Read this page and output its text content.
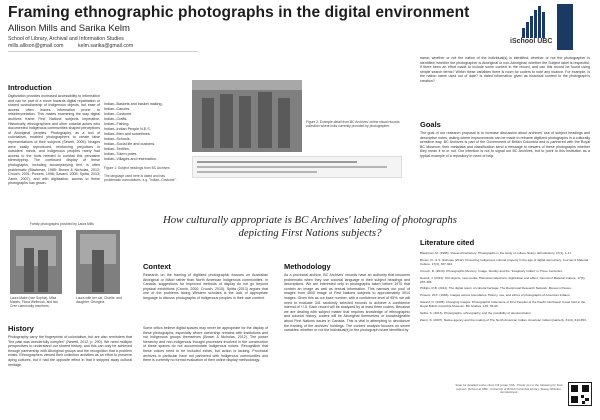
Framing ethnographic photographs in the digital environment
Allison Mills and Sarika Kelm
School of Library, Archival and Information Studies
mills.allison@gmail.com	kelm.sarika@gmail.com
iSchool UBC
Introduction
Digitization provides increased accessibility to information and can be part of a move towards digital repatriation or shared custodianship of Indigenous objects, but ease of access often leaves information prone to misinterpretation. This makes examining the way digital archives frame First Nations subjects imperative. Historically, ethnographers and other colonial actors who documented Indigenous communities shaped perceptions of Aboriginal peoples. Photography, as a tool of colonialism, enabled photographers to create false representations of their subjects (Sewell, 2005). Images were easily reproduced, reinforcing prejudices in outsiders' minds, and Indigenous peoples rarely had access to the tools needed to combat this pervasive stereotyping. The continued display of these photographs, including accompanying text, is often problematic (Blackman, 1985; Brown & Nicholas, 2012; Crouch, 2001; Powers, 1996; Savard, 2005; Spitta, 2013; Zamir, 2007), and with digitization, access to these photographs has grown.
Indian--Baskets and basket making.
Indian--Canoes.
Indian--Costume.
Indian--Crafts.
Indian--Fishing.
Indian--Indian People N.E.S.
Indian--Men and sometimes.
Indian--Schools.
Indian--Social life and customs.
Indian--Textiles.
Indian--Totem poles.
Indian--Villages and reservation.
Figure 1: Subject headings from BC Archives
The language used here is dated and has problematic connotations, e.g. "Indian--Costume".
Figure 2: Example detail from BC Archives' online visual records collection where links currently provided by photographer.
Family photographs provided by Laura Mills
Laura Mabe (nee Sophia), Misa Mabris, Fiona Welbrook, and two Cree community members.
Laura with her cat, Charlie, and daughter, Georgina.
History
Photography carry the fingerprints of colonialism, but are also reminders that "the past was wonderfully complex" (Newell, 2012, p. 290). We need multiple perspectives to understand our shared history, and this can only be achieved through partnership with Aboriginal groups and the recognition that a problem exists. Ethnographers viewed their collection activities as an effort to preserve dying cultures, but it had the opposite effect in that it stripped away cultural heritage.
How culturally appropriate is BC Archives' labeling of photographs depicting First Nations subjects?
Context
Research on the framing of digitized photographic focuses on Australian Aboriginal or Māori rather than North American Indigenous communities. In Canada, suggestions for improved methods of display do not go beyond physical exhibitions (Cronin, 2000; Crouch, 2010). Spitta (2013) argues that one of the problems facing Western scholars is the lack of appropriate language to discuss photographs of Indigenous peoples in their own context.
Some critics believe digital spaces may never be appropriate for the display of these photographs, especially where ownership remains with institutions and not Indigenous groups themselves (Brown & Nicholas, 2012). The power hierarchy and non-Indigenous thought processes involved in the construction of these spaces do not accommodate Indigenous voices. Recognition that these voices need to be included exists, but action is lacking. Provincial archives in particular have not partnered with Indigenous communities and there is currently no formal evaluation of their online display methodology.
Methodology
As a provincial archive, BC Archives' records have an authority that becomes problematic when they use colonial language in their subject headings and descriptions. We are interested only in photographs taken before 1970 that contain an image as well as textual information. This narrows our pool of images from 4500 image of First Nations subjects to approximately 3014 images. Given this as our base number, with a confidence level of 95%, we will need to evaluate 341 randomly selected records to achieve a confidence interval of +/-5. Each record will be analyzed by at least three coders. Because we are dealing with subject matter that requires knowledge of ethnographic and colonial history, coders will be Aboriginal themselves or knowledgeable about First Nations issues in Canada. This is vital in attempting to decolonize the framing of the archives' holdings. The content analysis focuses on seven variables: whether or not the individual(s) in the photograph is/are identified by
name; whether or not the nation of the individual(s) is identified; whether or not the photographer is identified; whether the photographer is Aboriginal or non-Aboriginal; whether the Subject label is respectful; if there been an effort made to include some context in the record; and can this record be found using simple search terms? Within these variables there is room for coders to note any nuance. For example, is the nation name used out of date? Is dated information given as historical context to the photograph's creation?
Goals
The goal of our research proposal is to increase discussion about archives' use of subject headings and descriptive notes, asking where improvements can be made to reframe digitized photographs in a culturally sensitive way. BC Archives is part of the Government of British Columbia and is partnered with the Royal BC Museum; their metadata and classification send a message to viewers of these photographs whether they mean it to or not. Our intention is not to signal out BC Archives, but to point to this institution as a typical example of a repository in need of help.
Literature cited
Blackman, M. (1985). Visual ethnohistory: Photographs in the study of culture history. Ethnohistory, 27(1), 1-17.
Brown, D., & S. Nicholas (2012). Protecting Indigenous cultural property in the age of digital democracy. Journal of Material Culture, 17(3), 307-324.
Crouch, D. (2010). Photographic Memory: Image, Identity and the "Imaginary Indian" in Three Centuries.
Newell, J. (2012). Old objects, new media: Historical collections, digitization and affect. Journal of Material Culture, 17(3), 287-306.
Phillips, R.B. (2011). The digital return of cultural heritage: The Reciprocal Research Network. Museum Pieces.
Powers, W.K. (1996). Images across boundaries: History, use, and ethics of photographs of American Indians.
Savard, D. (2005). Changing images: Photographic collections of First Peoples of the Pacific Northwest Coast held in the Royal British Columbia Museum. BC Studies, 145, 55-96.
Spitta, S. (2013). Photographs, ethnography, and the possibility of decolonization.
Zamir, S. (2007). Native agency and the making of The North American Indian. American Indian Quarterly, 31(4), 613-653.
Scan for detailed works cited. Fill poster URL. Thank you to the following for their support: iSchool at UBC, University of British Columbia Library, Stacey Ellisdon, Jan Ekstrand.
